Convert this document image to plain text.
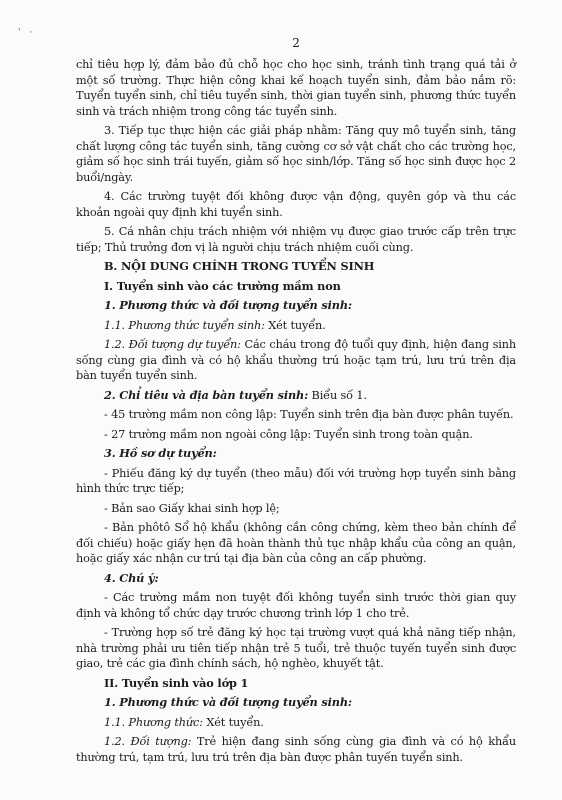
' ·
2

chỉ tiêu hợp lý, đảm bảo đủ chỗ học cho học sinh, tránh tình trạng quá tải ở một số trường. Thực hiện công khai kế hoạch tuyển sinh, đảm bảo nắm rõ: Tuyển tuyển sinh, chỉ tiêu tuyển sinh, thời gian tuyển sinh, phương thức tuyển sinh và trách nhiệm trong công tác tuyển sinh.

3. Tiếp tục thực hiện các giải pháp nhằm: Tăng quy mô tuyển sinh, tăng chất lượng công tác tuyển sinh, tăng cường cơ sở vật chất cho các trường học, giảm số học sinh trái tuyến, giảm số học sinh/lớp. Tăng số học sinh được học 2 buổi/ngày.

4. Các trường tuyệt đối không được vận động, quyên góp và thu các khoản ngoài quy định khi tuyển sinh.

5. Cá nhân chịu trách nhiệm với nhiệm vụ được giao trước cấp trên trực tiếp; Thủ trưởng đơn vị là người chịu trách nhiệm cuối cùng.

B. NỘI DUNG CHÍNH TRONG TUYỂN SINH

I. Tuyển sinh vào các trường mầm non

1. Phương thức và đối tượng tuyển sinh:

1.1. Phương thức tuyển sinh: Xét tuyển.

1.2. Đối tượng dự tuyển: Các cháu trong độ tuổi quy định, hiện đang sinh sống cùng gia đình và có hộ khẩu thường trú hoặc tạm trú, lưu trú trên địa bàn tuyển tuyển sinh.

2. Chỉ tiêu và địa bàn tuyển sinh: Biểu số 1.

- 45 trường mầm non công lập: Tuyển sinh trên địa bàn được phân tuyến.

- 27 trường mầm non ngoài công lập: Tuyển sinh trong toàn quận.

3. Hồ sơ dự tuyển:

- Phiếu đăng ký dự tuyển (theo mẫu) đối với trường hợp tuyển sinh bằng hình thức trực tiếp;

- Bản sao Giấy khai sinh hợp lệ;

- Bản phôtô Sổ hộ khẩu (không cần công chứng, kèm theo bản chính để đối chiếu) hoặc giấy hẹn đã hoàn thành thủ tục nhập khẩu của công an quận, hoặc giấy xác nhận cư trú tại địa bàn của công an cấp phường.

4. Chú ý:

- Các trường mầm non tuyệt đối không tuyển sinh trước thời gian quy định và không tổ chức dạy trước chương trình lớp 1 cho trẻ.

- Trường hợp số trẻ đăng ký học tại trường vượt quá khả năng tiếp nhận, nhà trường phải ưu tiên tiếp nhận trẻ 5 tuổi, trẻ thuộc tuyến tuyển sinh được giao, trẻ các gia đình chính sách, hộ nghèo, khuyết tật.

II. Tuyển sinh vào lớp 1

1. Phương thức và đối tượng tuyển sinh:

1.1. Phương thức: Xét tuyển.

1.2. Đối tượng: Trẻ hiện đang sinh sống cùng gia đình và có hộ khẩu thường trú, tạm trú, lưu trú trên địa bàn được phân tuyến tuyển sinh.
